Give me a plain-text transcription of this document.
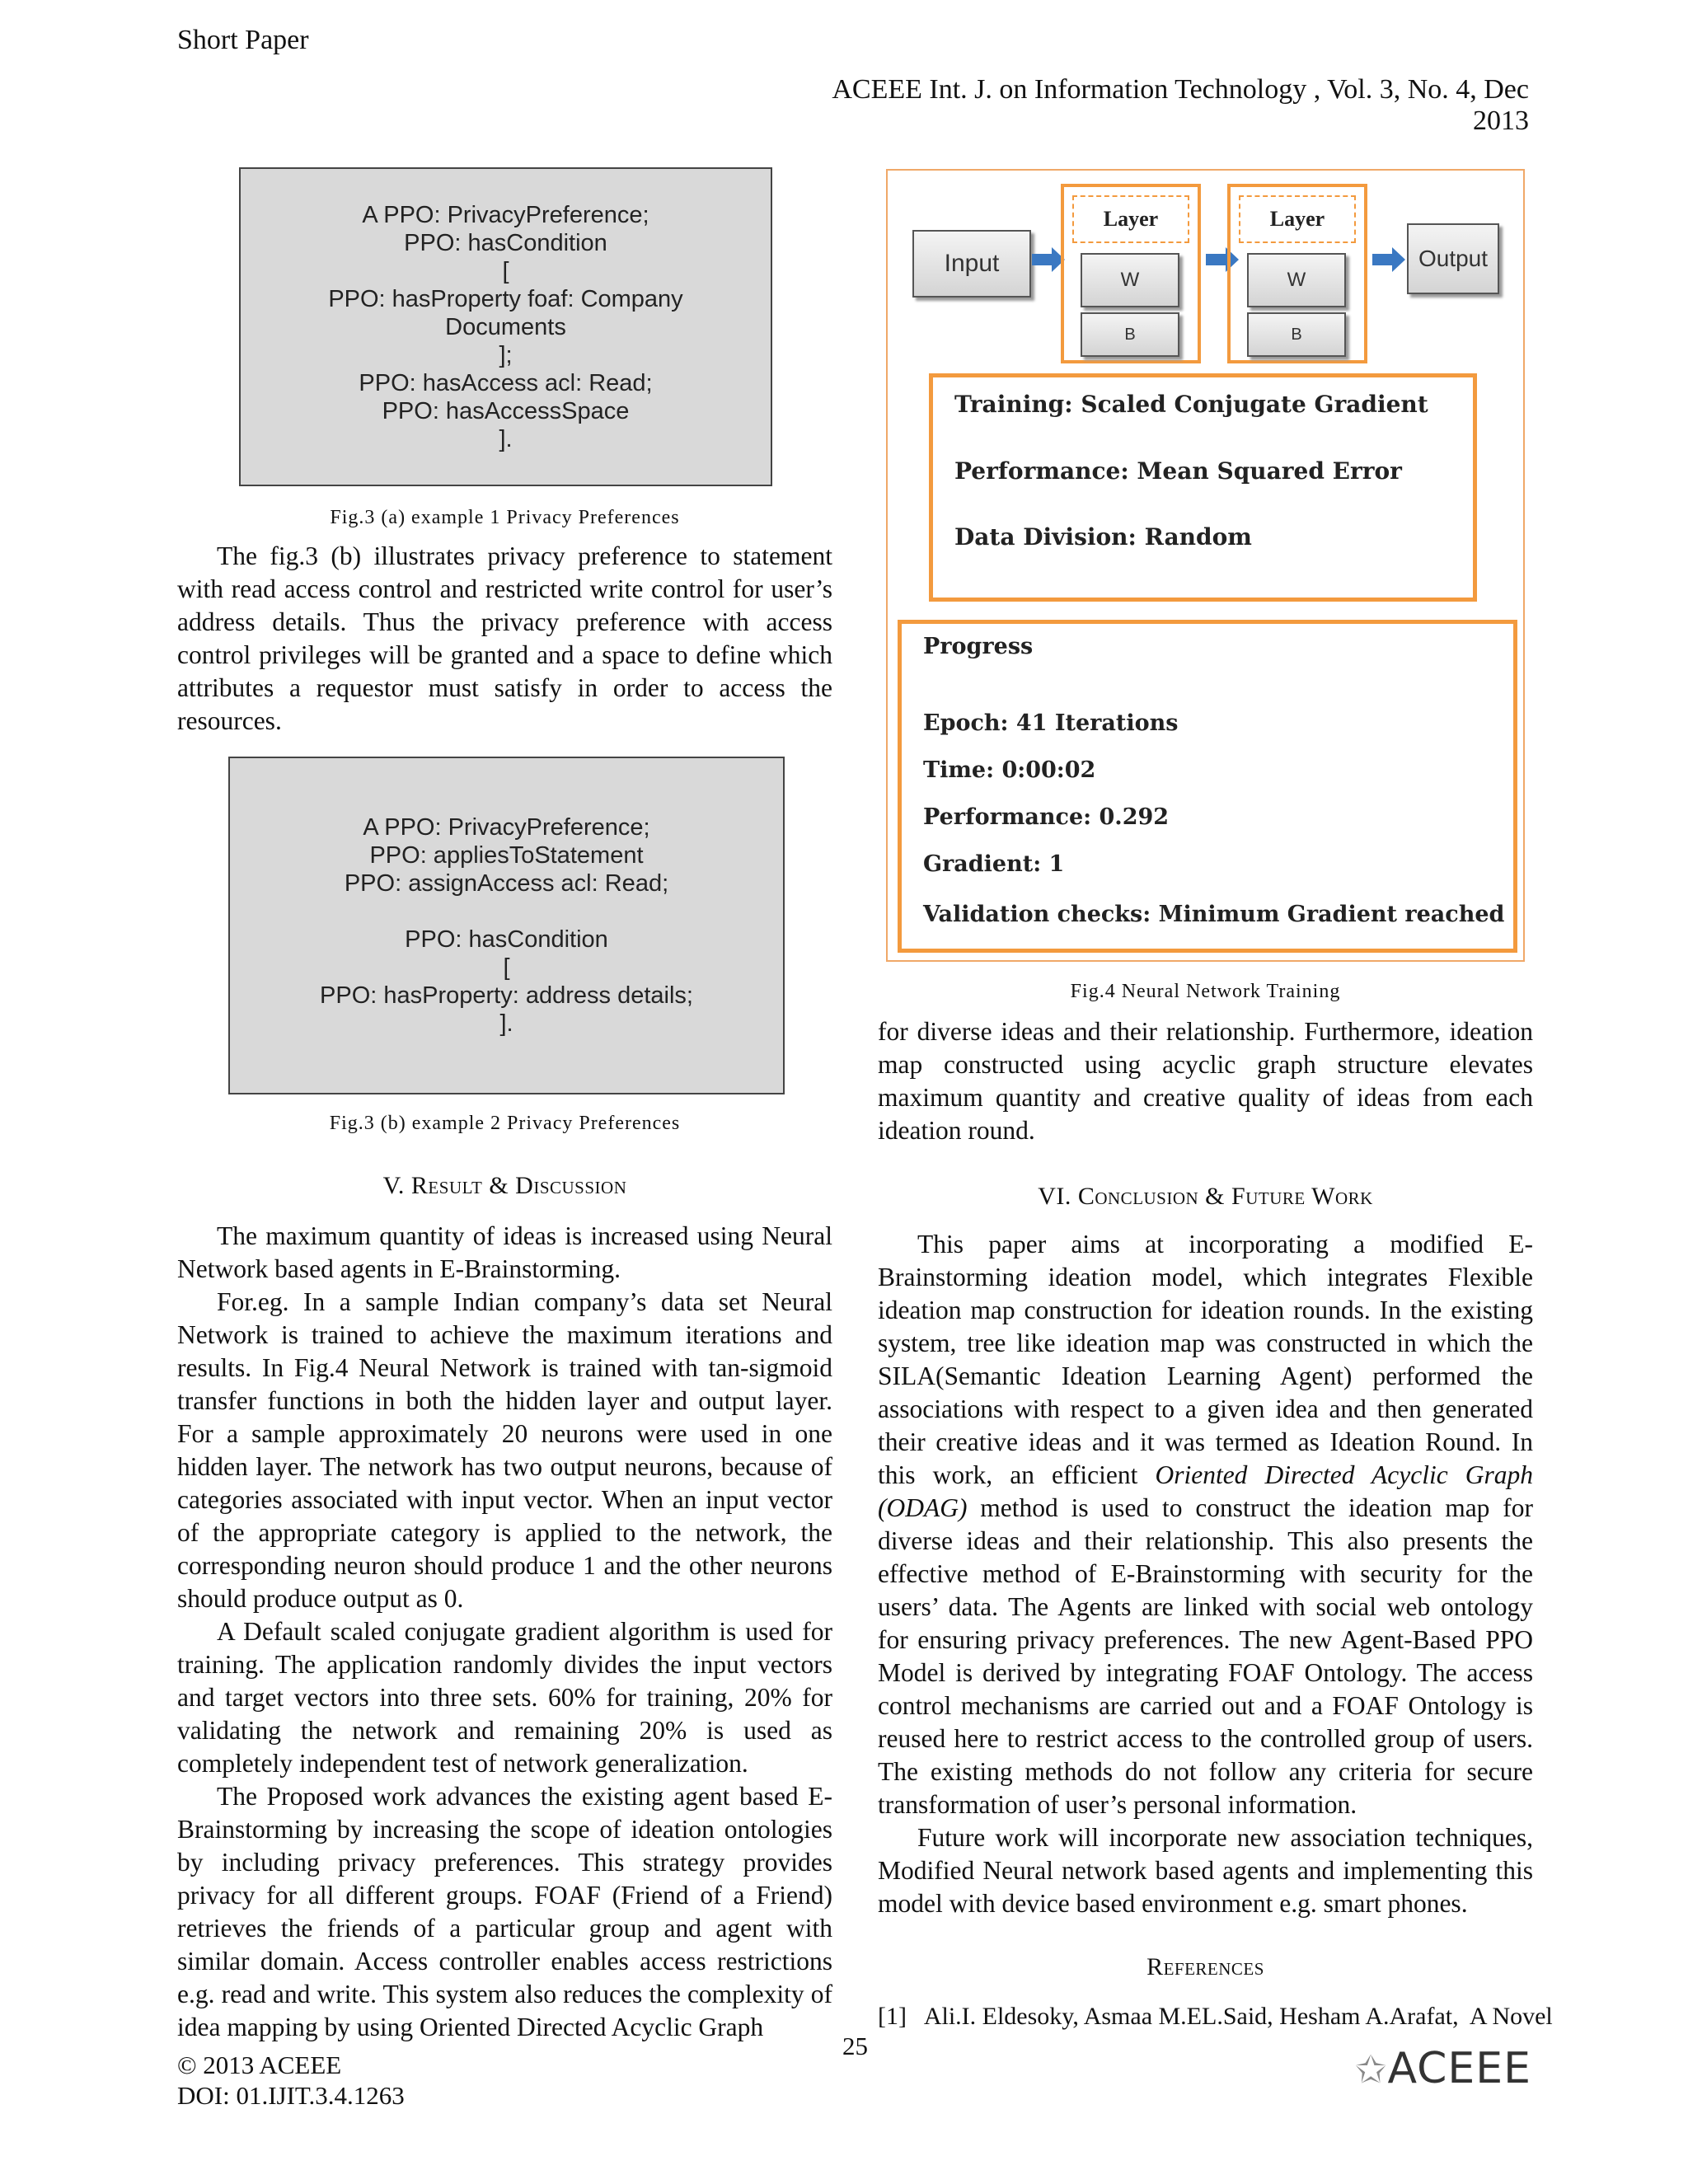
Short Paper
ACEEE Int. J. on Information Technology , Vol. 3, No. 4, Dec 2013
A PPO: PrivacyPreference;
PPO: hasCondition
[
PPO: hasProperty foaf: Company
Documents
];
PPO: hasAccess acl: Read;
PPO: hasAccessSpace
].
Fig.3 (a) example 1 Privacy Preferences

The fig.3 (b) illustrates privacy preference to statement with read access control and restricted write control for user’s address details. Thus the privacy preference with access control privileges will be granted and a space to define which attributes a requestor must satisfy in order to access the resources.

A PPO: PrivacyPreference;
PPO: appliesToStatement
PPO: assignAccess acl: Read;
PPO: hasCondition
[
PPO: hasProperty: address details;
].
Fig.3 (b) example 2 Privacy Preferences
V. Result & Discussion

The maximum quantity of ideas is increased using Neural Network based agents in E-Brainstorming.

For.eg. In a sample Indian company’s data set Neural Network is trained to achieve the maximum iterations and results. In Fig.4 Neural Network is trained with tan-sigmoid transfer functions in both the hidden layer and output layer. For a sample approximately 20 neurons were used in one hidden layer. The network has two output neurons, because of categories associated with input vector. When an input vector of the appropriate category is applied to the network, the corresponding neuron should produce 1 and the other neurons should produce output as 0.

A Default scaled conjugate gradient algorithm is used for training. The application randomly divides the input vectors and target vectors into three sets. 60% for training, 20% for validating the network and remaining 20% is used as completely independent test of network generalization.

The Proposed work advances the existing agent based E-Brainstorming by increasing the scope of ideation ontologies by including privacy preferences. This strategy provides privacy for all different groups. FOAF (Friend of a Friend) retrieves the friends of a particular group and agent with similar domain. Access controller enables access restrictions e.g. read and write. This system also reduces the complexity of idea mapping by using Oriented Directed Acyclic Graph

Input
Layer
W
B
Layer
W
B
Output
Training: Scaled Conjugate Gradient
Performance: Mean Squared Error
Data Division: Random
Progress
Epoch: 41 Iterations
Time: 0:00:02
Performance: 0.292
Gradient: 1
Validation checks: Minimum Gradient reached
Fig.4 Neural Network Training

for diverse ideas and their relationship. Furthermore, ideation map constructed using acyclic graph structure elevates maximum quantity and creative quality of ideas from each ideation round.

VI. Conclusion & Future Work

This paper aims at incorporating a modified E-Brainstorming ideation model, which integrates Flexible ideation map construction for ideation rounds. In the existing system, tree like ideation map was constructed in which the SILA(Semantic Ideation Learning Agent) performed the associations with respect to a given idea and then generated their creative ideas and it was termed as Ideation Round. In this work, an efficient Oriented Directed Acyclic Graph (ODAG) method is used to construct the ideation map for diverse ideas and their relationship. This also presents the effective method of E-Brainstorming with security for the users’ data. The Agents are linked with social web ontology for ensuring privacy preferences. The new Agent-Based PPO Model is derived by integrating FOAF Ontology. The access control mechanisms are carried out and a FOAF Ontology is reused here to restrict access to the controlled group of users. The existing methods do not follow any criteria for secure transformation of user’s personal information.

Future work will incorporate new association techniques, Modified Neural network based agents and implementing this model with device based environment e.g. smart phones.

References
[1]   Ali.I. Eldesoky, Asmaa M.EL.Said, Hesham A.Arafat,  A Novel
© 2013 ACEEE
DOI: 01.IJIT.3.4.1263
25
✩ACEEE
